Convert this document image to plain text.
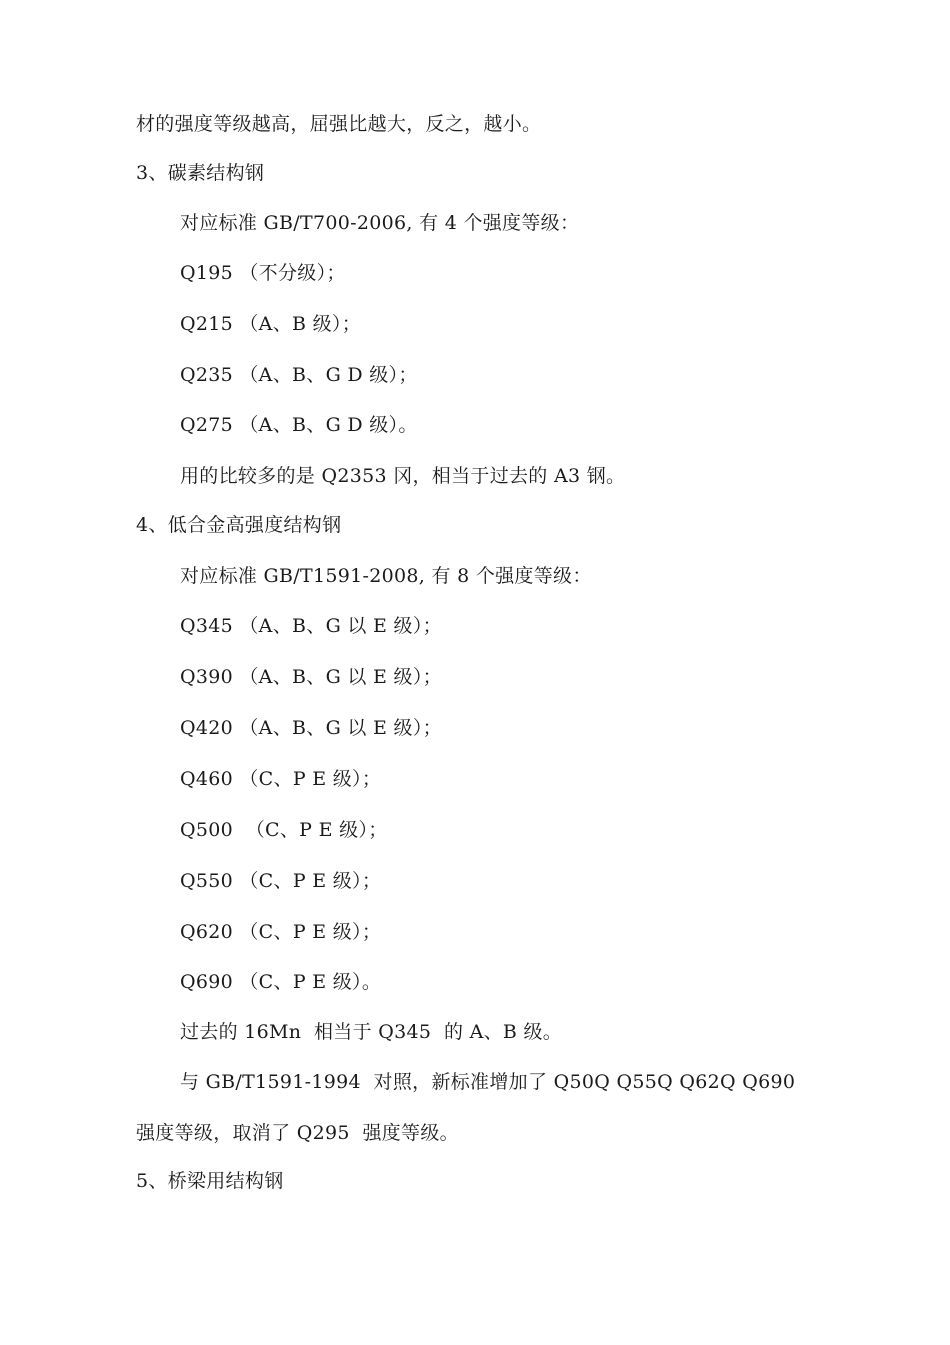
材的强度等级越高，屈强比越大，反之，越小。
3、碳素结构钢
对应标准 GB/T700-2006, 有 4 个强度等级：
Q195 （不分级）；
Q215 （A、B 级）；
Q235 （A、B、G D 级）；
Q275 （A、B、G D 级）。
用的比较多的是 Q2353 冈，相当于过去的 A3 钢。
4、低合金高强度结构钢
对应标准 GB/T1591-2008, 有 8 个强度等级：
Q345 （A、B、G 以 E 级）；
Q390 （A、B、G 以 E 级）；
Q420 （A、B、G 以 E 级）；
Q460 （C、P E 级）；
Q500  （C、P E 级）；
Q550 （C、P E 级）；
Q620 （C、P E 级）；
Q690 （C、P E 级）。
过去的 16Mn  相当于 Q345  的 A、B 级。
与 GB/T1591-1994  对照，新标准增加了 Q50Q Q55Q Q62Q Q690
强度等级，取消了 Q295  强度等级。
5、桥梁用结构钢
